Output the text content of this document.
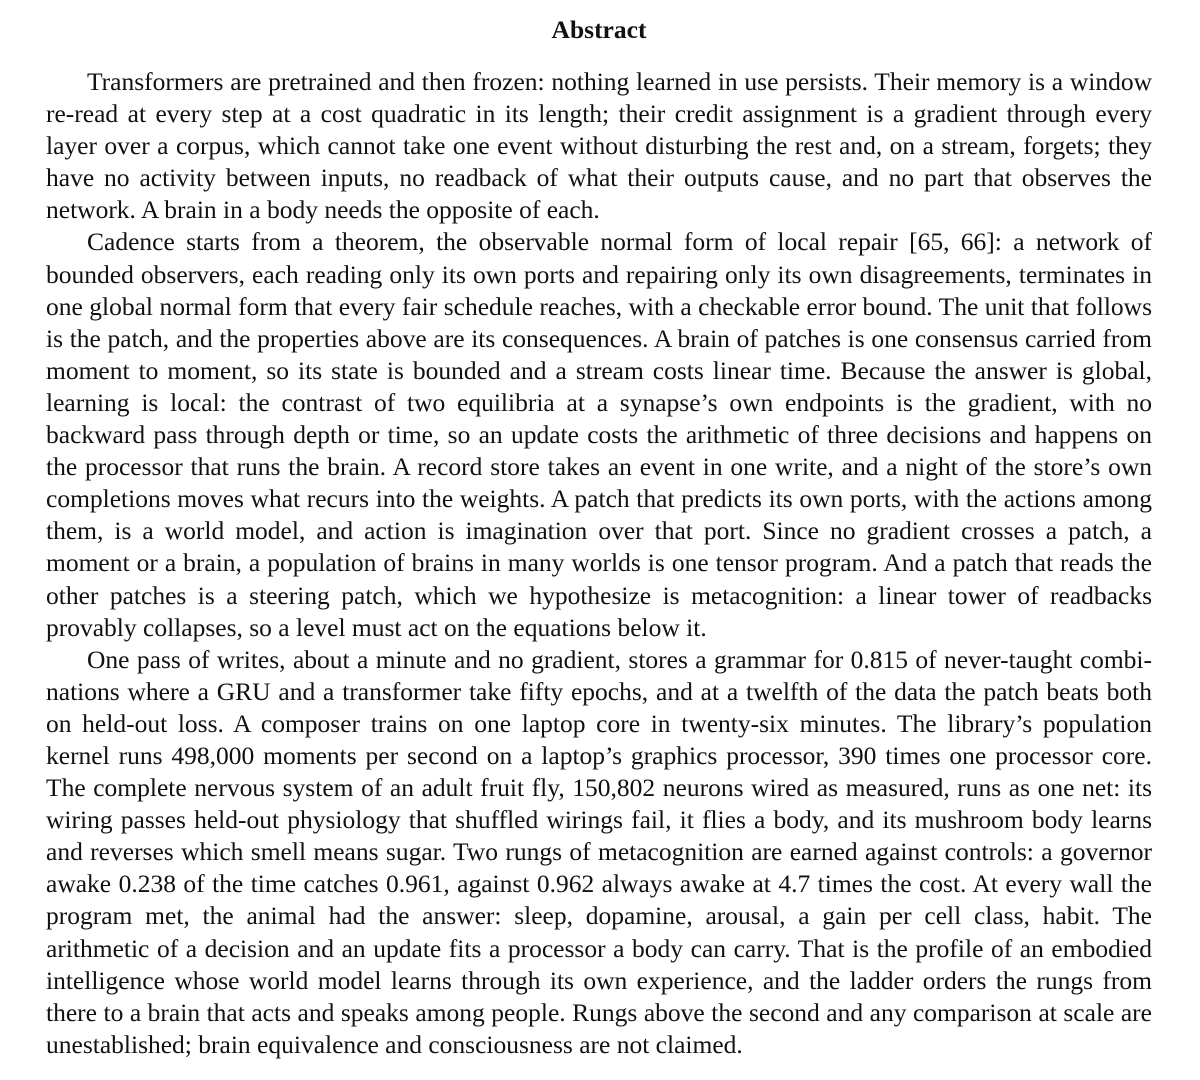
Abstract

Transformers are pretrained and then frozen: nothing learned in use persists. Their memory is a window re-read at every step at a cost quadratic in its length; their credit assignment is a gradient through every layer over a corpus, which cannot take one event without disturbing the rest and, on a stream, forgets; they have no activity between inputs, no readback of what their outputs cause, and no part that observes the network. A brain in a body needs the opposite of each.

Cadence starts from a theorem, the observable normal form of local repair [65, 66]: a network of bounded observers, each reading only its own ports and repairing only its own disagreements, terminates in one global normal form that every fair schedule reaches, with a checkable error bound. The unit that follows is the patch, and the properties above are its consequences. A brain of patches is one consensus carried from moment to moment, so its state is bounded and a stream costs linear time. Because the answer is global, learning is local: the contrast of two equilibria at a synapse’s own endpoints is the gradient, with no backward pass through depth or time, so an update costs the arithmetic of three decisions and happens on the processor that runs the brain. A record store takes an event in one write, and a night of the store’s own completions moves what recurs into the weights. A patch that predicts its own ports, with the actions among them, is a world model, and action is imagination over that port. Since no gradient crosses a patch, a moment or a brain, a population of brains in many worlds is one tensor program. And a patch that reads the other patches is a steering patch, which we hypothesize is metacognition: a linear tower of readbacks provably collapses, so a level must act on the equations below it.

One pass of writes, about a minute and no gradient, stores a grammar for 0.815 of never-taught combinations where a GRU and a transformer take fifty epochs, and at a twelfth of the data the patch beats both on held-out loss. A composer trains on one laptop core in twenty-six minutes. The library’s population kernel runs 498,000 moments per second on a laptop’s graphics processor, 390 times one processor core. The complete nervous system of an adult fruit fly, 150,802 neurons wired as measured, runs as one net: its wiring passes held-out physiology that shuffled wirings fail, it flies a body, and its mushroom body learns and reverses which smell means sugar. Two rungs of metacognition are earned against controls: a governor awake 0.238 of the time catches 0.961, against 0.962 always awake at 4.7 times the cost. At every wall the program met, the animal had the answer: sleep, dopamine, arousal, a gain per cell class, habit. The arithmetic of a decision and an update fits a processor a body can carry. That is the profile of an embodied intelligence whose world model learns through its own experience, and the ladder orders the rungs from there to a brain that acts and speaks among people. Rungs above the second and any comparison at scale are unestablished; brain equivalence and consciousness are not claimed.
